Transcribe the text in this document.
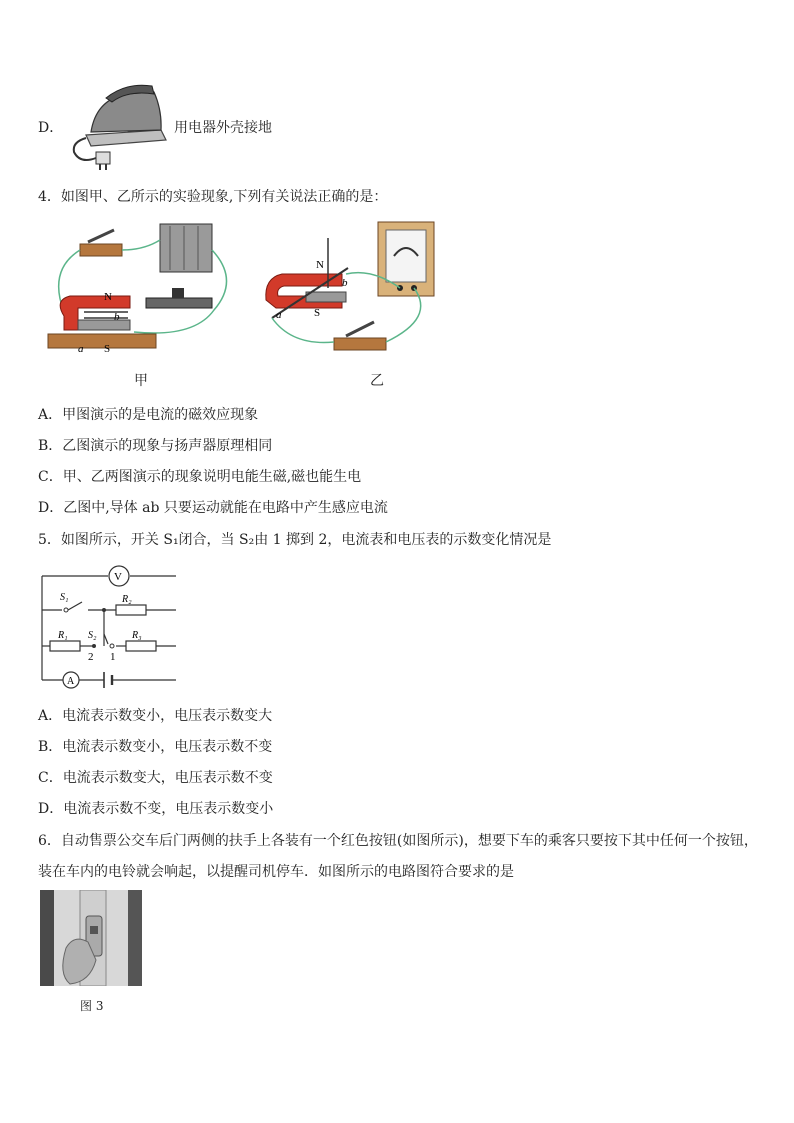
D．	用电器外壳接地
4．如图甲、乙所示的实验现象,下列有关说法正确的是：
N
b
a S
N
b
a	S
甲	乙
A．甲图演示的是电流的磁效应现象
B．乙图演示的现象与扬声器原理相同
C．甲、乙两图演示的现象说明电能生磁,磁也能生电
D．乙图中,导体 ab 只要运动就能在电路中产生感应电流
5．如图所示，开关 S₁闭合，当 S₂由 1 掷到 2，电流表和电压表的示数变化情况是
V
A
S₁	R₂
R₁ S₂	R₃
2 1
A．电流表示数变小，电压表示数变大
B．电流表示数变小，电压表示数不变
C．电流表示数变大，电压表示数不变
D．电流表示数不变，电压表示数变小
6．自动售票公交车后门两侧的扶手上各装有一个红色按钮(如图所示)，想要下车的乘客只要按下其中任何一个按钮，
装在车内的电铃就会响起，以提醒司机停车．如图所示的电路图符合要求的是
图 3
